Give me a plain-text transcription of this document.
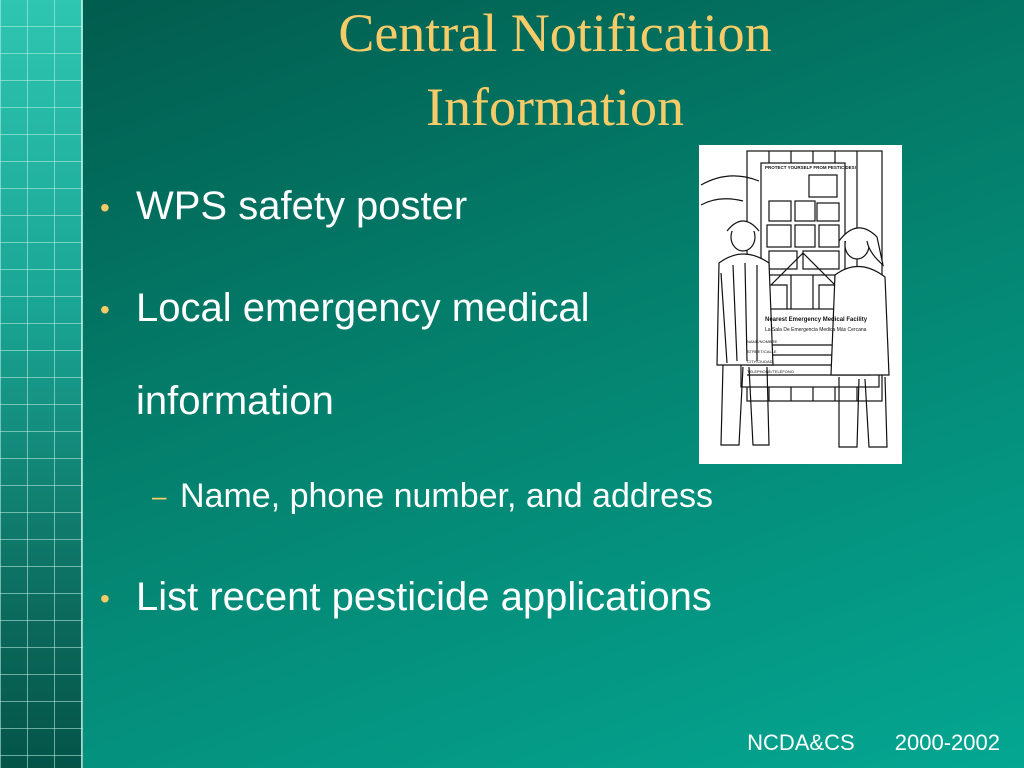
Central Notification
Information
• WPS safety poster
• Local emergency medical
information
– Name, phone number, and address
• List recent pesticide applications
PROTECT YOURSELF FROM PESTICIDES!
Nearest Emergency Medical Facility
La Sala De Emergencia Medica Más Cercana
NAME/NOMBRE
STREET/CALLE
CITY/CIUDAD
TELEPHONE/TELÉFONO
NCDA&CS 2000-2002
